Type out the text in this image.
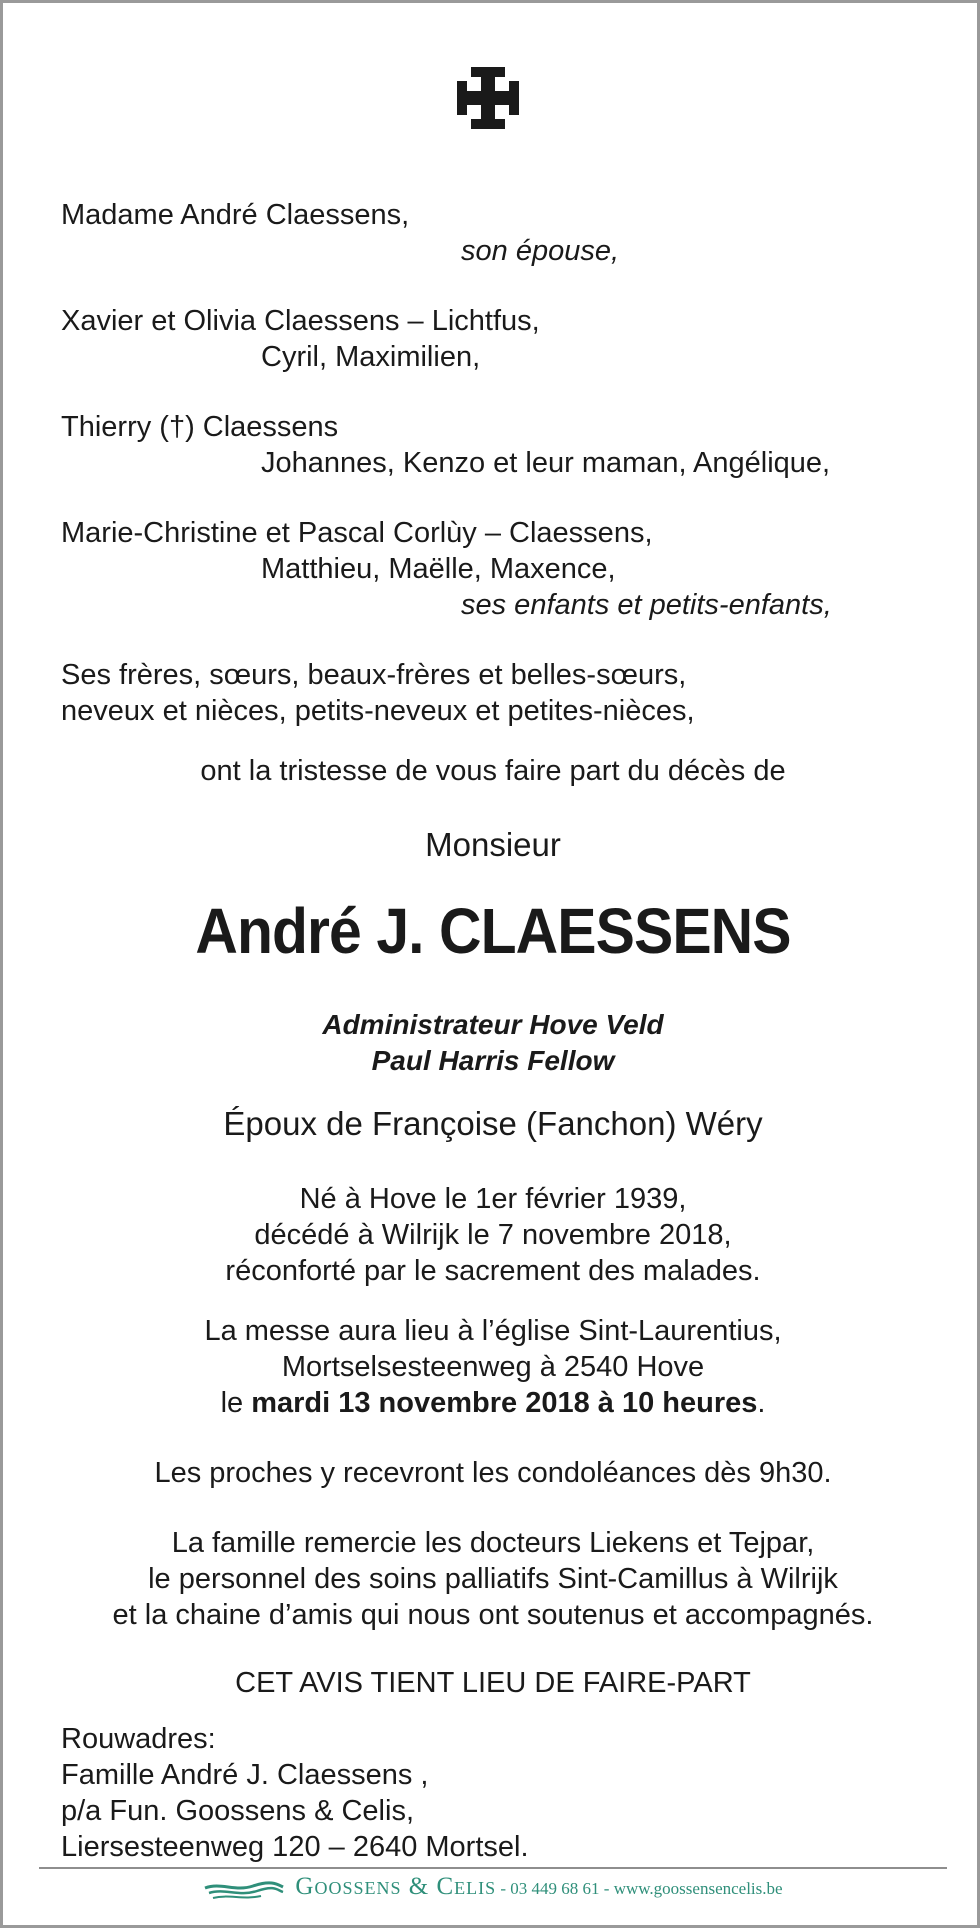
Madame André Claessens,
son épouse,
Xavier et Olivia Claessens – Lichtfus,
Cyril, Maximilien,
Thierry (†) Claessens
Johannes, Kenzo et leur maman, Angélique,
Marie-Christine et Pascal Corlùy – Claessens,
Matthieu, Maëlle, Maxence,
ses enfants et petits-enfants,
Ses frères, sœurs, beaux-frères et belles-sœurs,
neveux et nièces, petits-neveux et petites-nièces,
ont la tristesse de vous faire part du décès de
Monsieur
André J. CLAESSENS
Administrateur Hove Veld
Paul Harris Fellow
Époux de Françoise (Fanchon) Wéry
Né à Hove le 1er février 1939,
décédé à Wilrijk le 7 novembre 2018,
réconforté par le sacrement des malades.
La messe aura lieu à l’église Sint-Laurentius,
Mortselsesteenweg à 2540 Hove
le mardi 13 novembre 2018 à 10 heures.
Les proches y recevront les condoléances dès 9h30.
La famille remercie les docteurs Liekens et Tejpar,
le personnel des soins palliatifs Sint-Camillus à Wilrijk
et la chaine d’amis qui nous ont soutenus et accompagnés.
CET AVIS TIENT LIEU DE FAIRE-PART
Rouwadres:
Famille André J. Claessens ,
p/a Fun. Goossens & Celis,
Liersesteenweg 120 – 2640 Mortsel.
Goossens & Celis - 03 449 68 61 - www.goossensencelis.be
